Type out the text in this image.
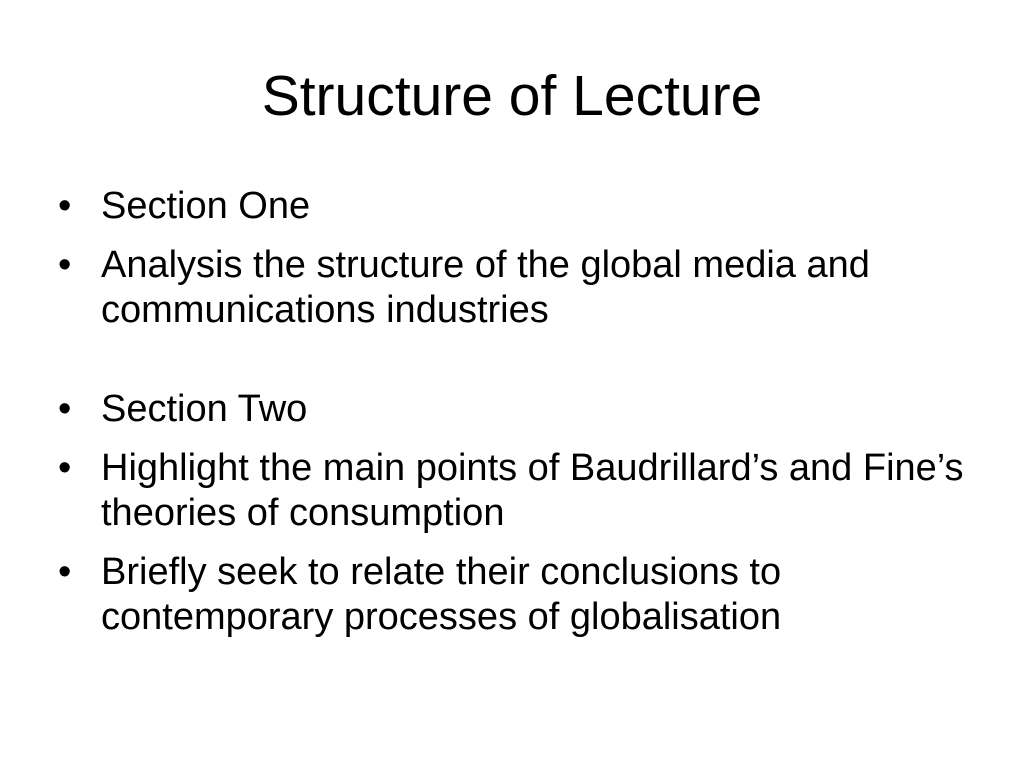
Structure of Lecture
• Section One
• Analysis the structure of the global media and communications industries
• Section Two
• Highlight the main points of Baudrillard’s and Fine’s theories of consumption
• Briefly seek to relate their conclusions to contemporary processes of globalisation
